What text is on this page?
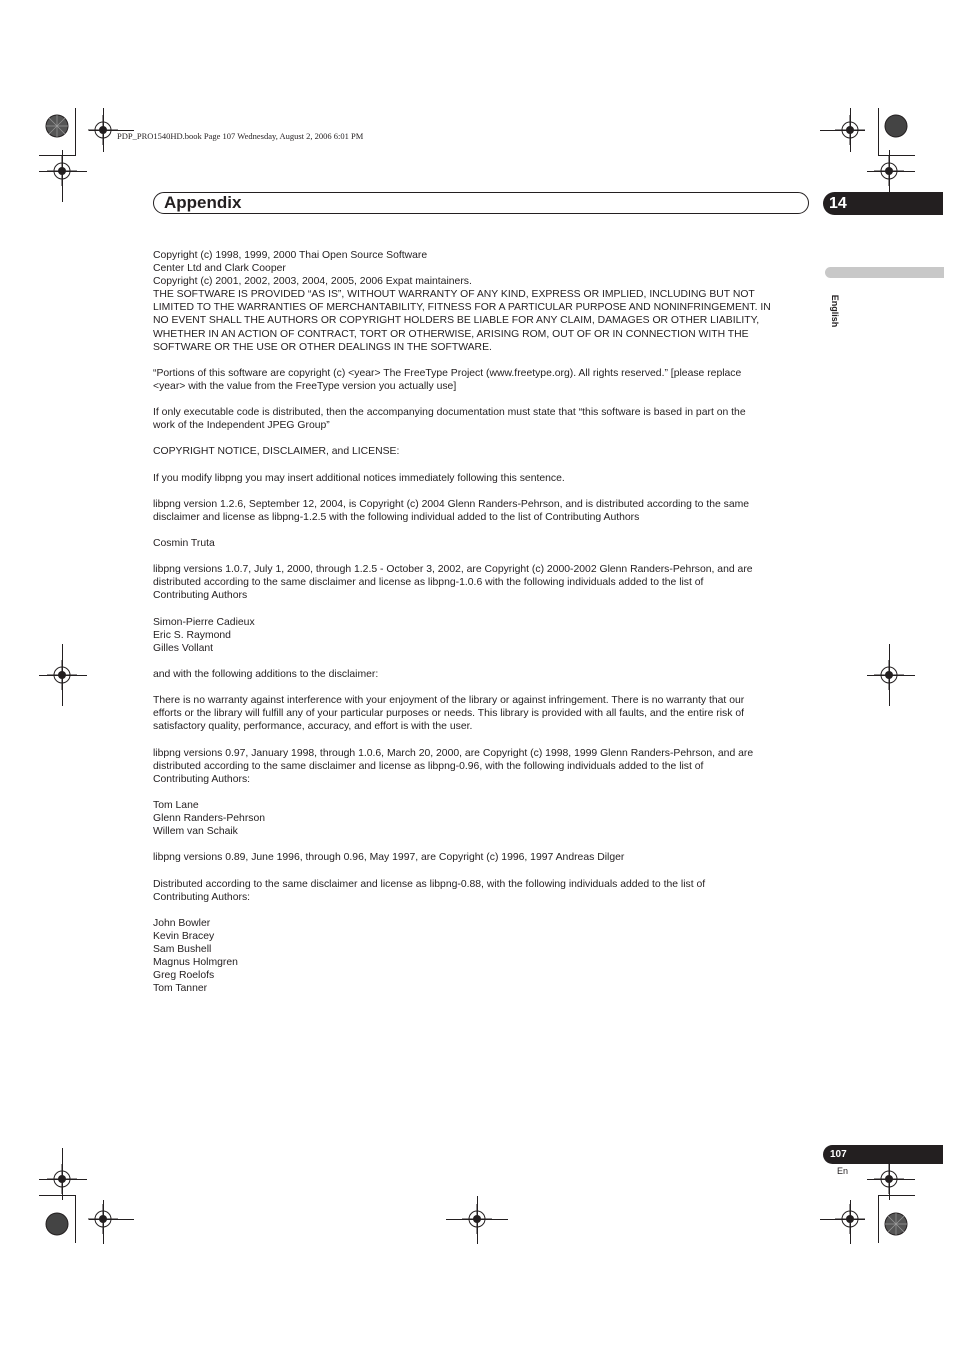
PDP_PRO1540HD.book Page 107 Wednesday, August 2, 2006 6:01 PM
Appendix	14
English

Copyright (c) 1998, 1999, 2000 Thai Open Source Software
Center Ltd and Clark Cooper
Copyright (c) 2001, 2002, 2003, 2004, 2005, 2006 Expat maintainers.
THE SOFTWARE IS PROVIDED “AS IS”, WITHOUT WARRANTY OF ANY KIND, EXPRESS OR IMPLIED, INCLUDING BUT NOT
LIMITED TO THE WARRANTIES OF MERCHANTABILITY, FITNESS FOR A PARTICULAR PURPOSE AND NONINFRINGEMENT. IN
NO EVENT SHALL THE AUTHORS OR COPYRIGHT HOLDERS BE LIABLE FOR ANY CLAIM, DAMAGES OR OTHER LIABILITY,
WHETHER IN AN ACTION OF CONTRACT, TORT OR OTHERWISE, ARISING ROM, OUT OF OR IN CONNECTION WITH THE
SOFTWARE OR THE USE OR OTHER DEALINGS IN THE SOFTWARE.

“Portions of this software are copyright (c) <year> The FreeType Project (www.freetype.org). All rights reserved.” [please replace
<year> with the value from the FreeType version you actually use]

If only executable code is distributed, then the accompanying documentation must state that “this software is based in part on the
work of the Independent JPEG Group”

COPYRIGHT NOTICE, DISCLAIMER, and LICENSE:

If you modify libpng you may insert additional notices immediately following this sentence.

libpng version 1.2.6, September 12, 2004, is Copyright (c) 2004 Glenn Randers-Pehrson, and is distributed according to the same
disclaimer and license as libpng-1.2.5 with the following individual added to the list of Contributing Authors

Cosmin Truta

libpng versions 1.0.7, July 1, 2000, through 1.2.5 - October 3, 2002, are Copyright (c) 2000-2002 Glenn Randers-Pehrson, and are
distributed according to the same disclaimer and license as libpng-1.0.6 with the following individuals added to the list of
Contributing Authors

Simon-Pierre Cadieux
Eric S. Raymond
Gilles Vollant

and with the following additions to the disclaimer:

There is no warranty against interference with your enjoyment of the library or against infringement. There is no warranty that our
efforts or the library will fulfill any of your particular purposes or needs. This library is provided with all faults, and the entire risk of
satisfactory quality, performance, accuracy, and effort is with the user.

libpng versions 0.97, January 1998, through 1.0.6, March 20, 2000, are Copyright (c) 1998, 1999 Glenn Randers-Pehrson, and are
distributed according to the same disclaimer and license as libpng-0.96, with the following individuals added to the list of
Contributing Authors:

Tom Lane
Glenn Randers-Pehrson
Willem van Schaik

libpng versions 0.89, June 1996, through 0.96, May 1997, are Copyright (c) 1996, 1997 Andreas Dilger

Distributed according to the same disclaimer and license as libpng-0.88, with the following individuals added to the list of
Contributing Authors:

John Bowler
Kevin Bracey
Sam Bushell
Magnus Holmgren
Greg Roelofs
Tom Tanner

107
En
